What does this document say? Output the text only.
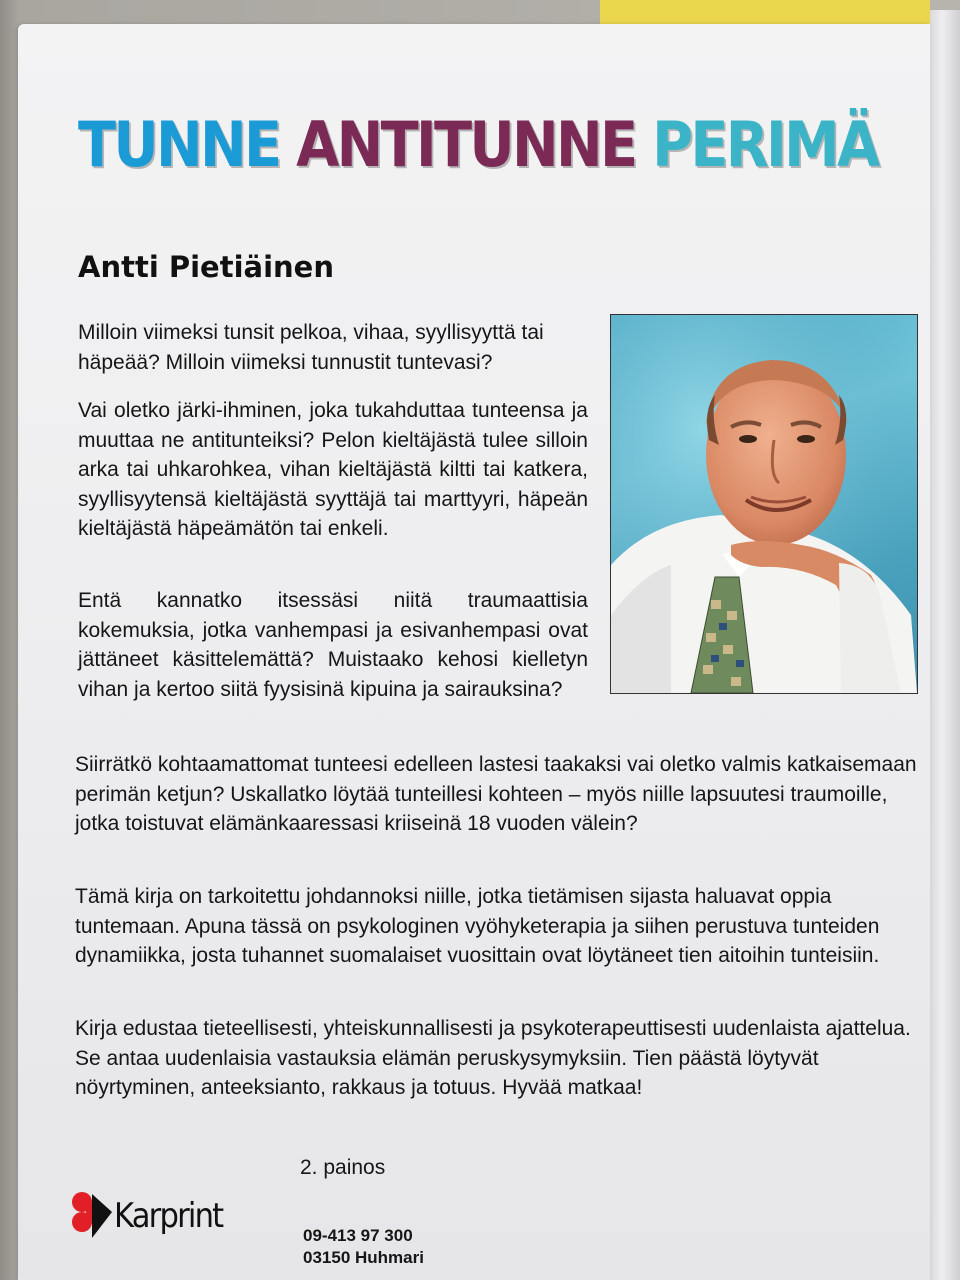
TUNNE ANTITUNNE PERIMÄ
Antti Pietiäinen

Milloin viimeksi tunsit pelkoa, vihaa, syyllisyyttä tai häpeää? Milloin viimeksi tunnustit tuntevasi?

Vai oletko järki-ihminen, joka tukahduttaa tunteensa ja muuttaa ne antitunteiksi? Pelon kieltäjästä tulee silloin arka tai uhkarohkea, vihan kieltäjästä kiltti tai katkera, syyllisyytensä kieltäjästä syyttäjä tai marttyyri, häpeän kieltäjästä häpeämätön tai enkeli.

Entä kannatko itsessäsi niitä traumaattisia kokemuksia, jotka vanhempasi ja esivanhempasi ovat jättäneet käsittelemättä? Muistaako kehosi kielletyn vihan ja kertoo siitä fyysisinä kipuina ja sairauksina?

Siirrätkö kohtaamattomat tunteesi edelleen lastesi taakaksi vai oletko valmis katkaisemaan perimän ketjun? Uskallatko löytää tunteillesi kohteen – myös niille lapsuutesi traumoille, jotka toistuvat elämänkaaressasi kriiseinä 18 vuoden välein?

Tämä kirja on tarkoitettu johdannoksi niille, jotka tietämisen sijasta haluavat oppia tuntemaan. Apuna tässä on psykologinen vyöhyketerapia ja siihen perustuva tunteiden dynamiikka, josta tuhannet suomalaiset vuosittain ovat löytäneet tien aitoihin tunteisiin.

Kirja edustaa tieteellisesti, yhteiskunnallisesti ja psykoterapeuttisesti uudenlaista ajattelua. Se antaa uudenlaisia vastauksia elämän peruskysymyksiin. Tien päästä löytyvät nöyrtyminen, anteeksianto, rakkaus ja totuus. Hyvää matkaa!

2. painos

Karprint	09-413 97 300

03150 Huhmari
